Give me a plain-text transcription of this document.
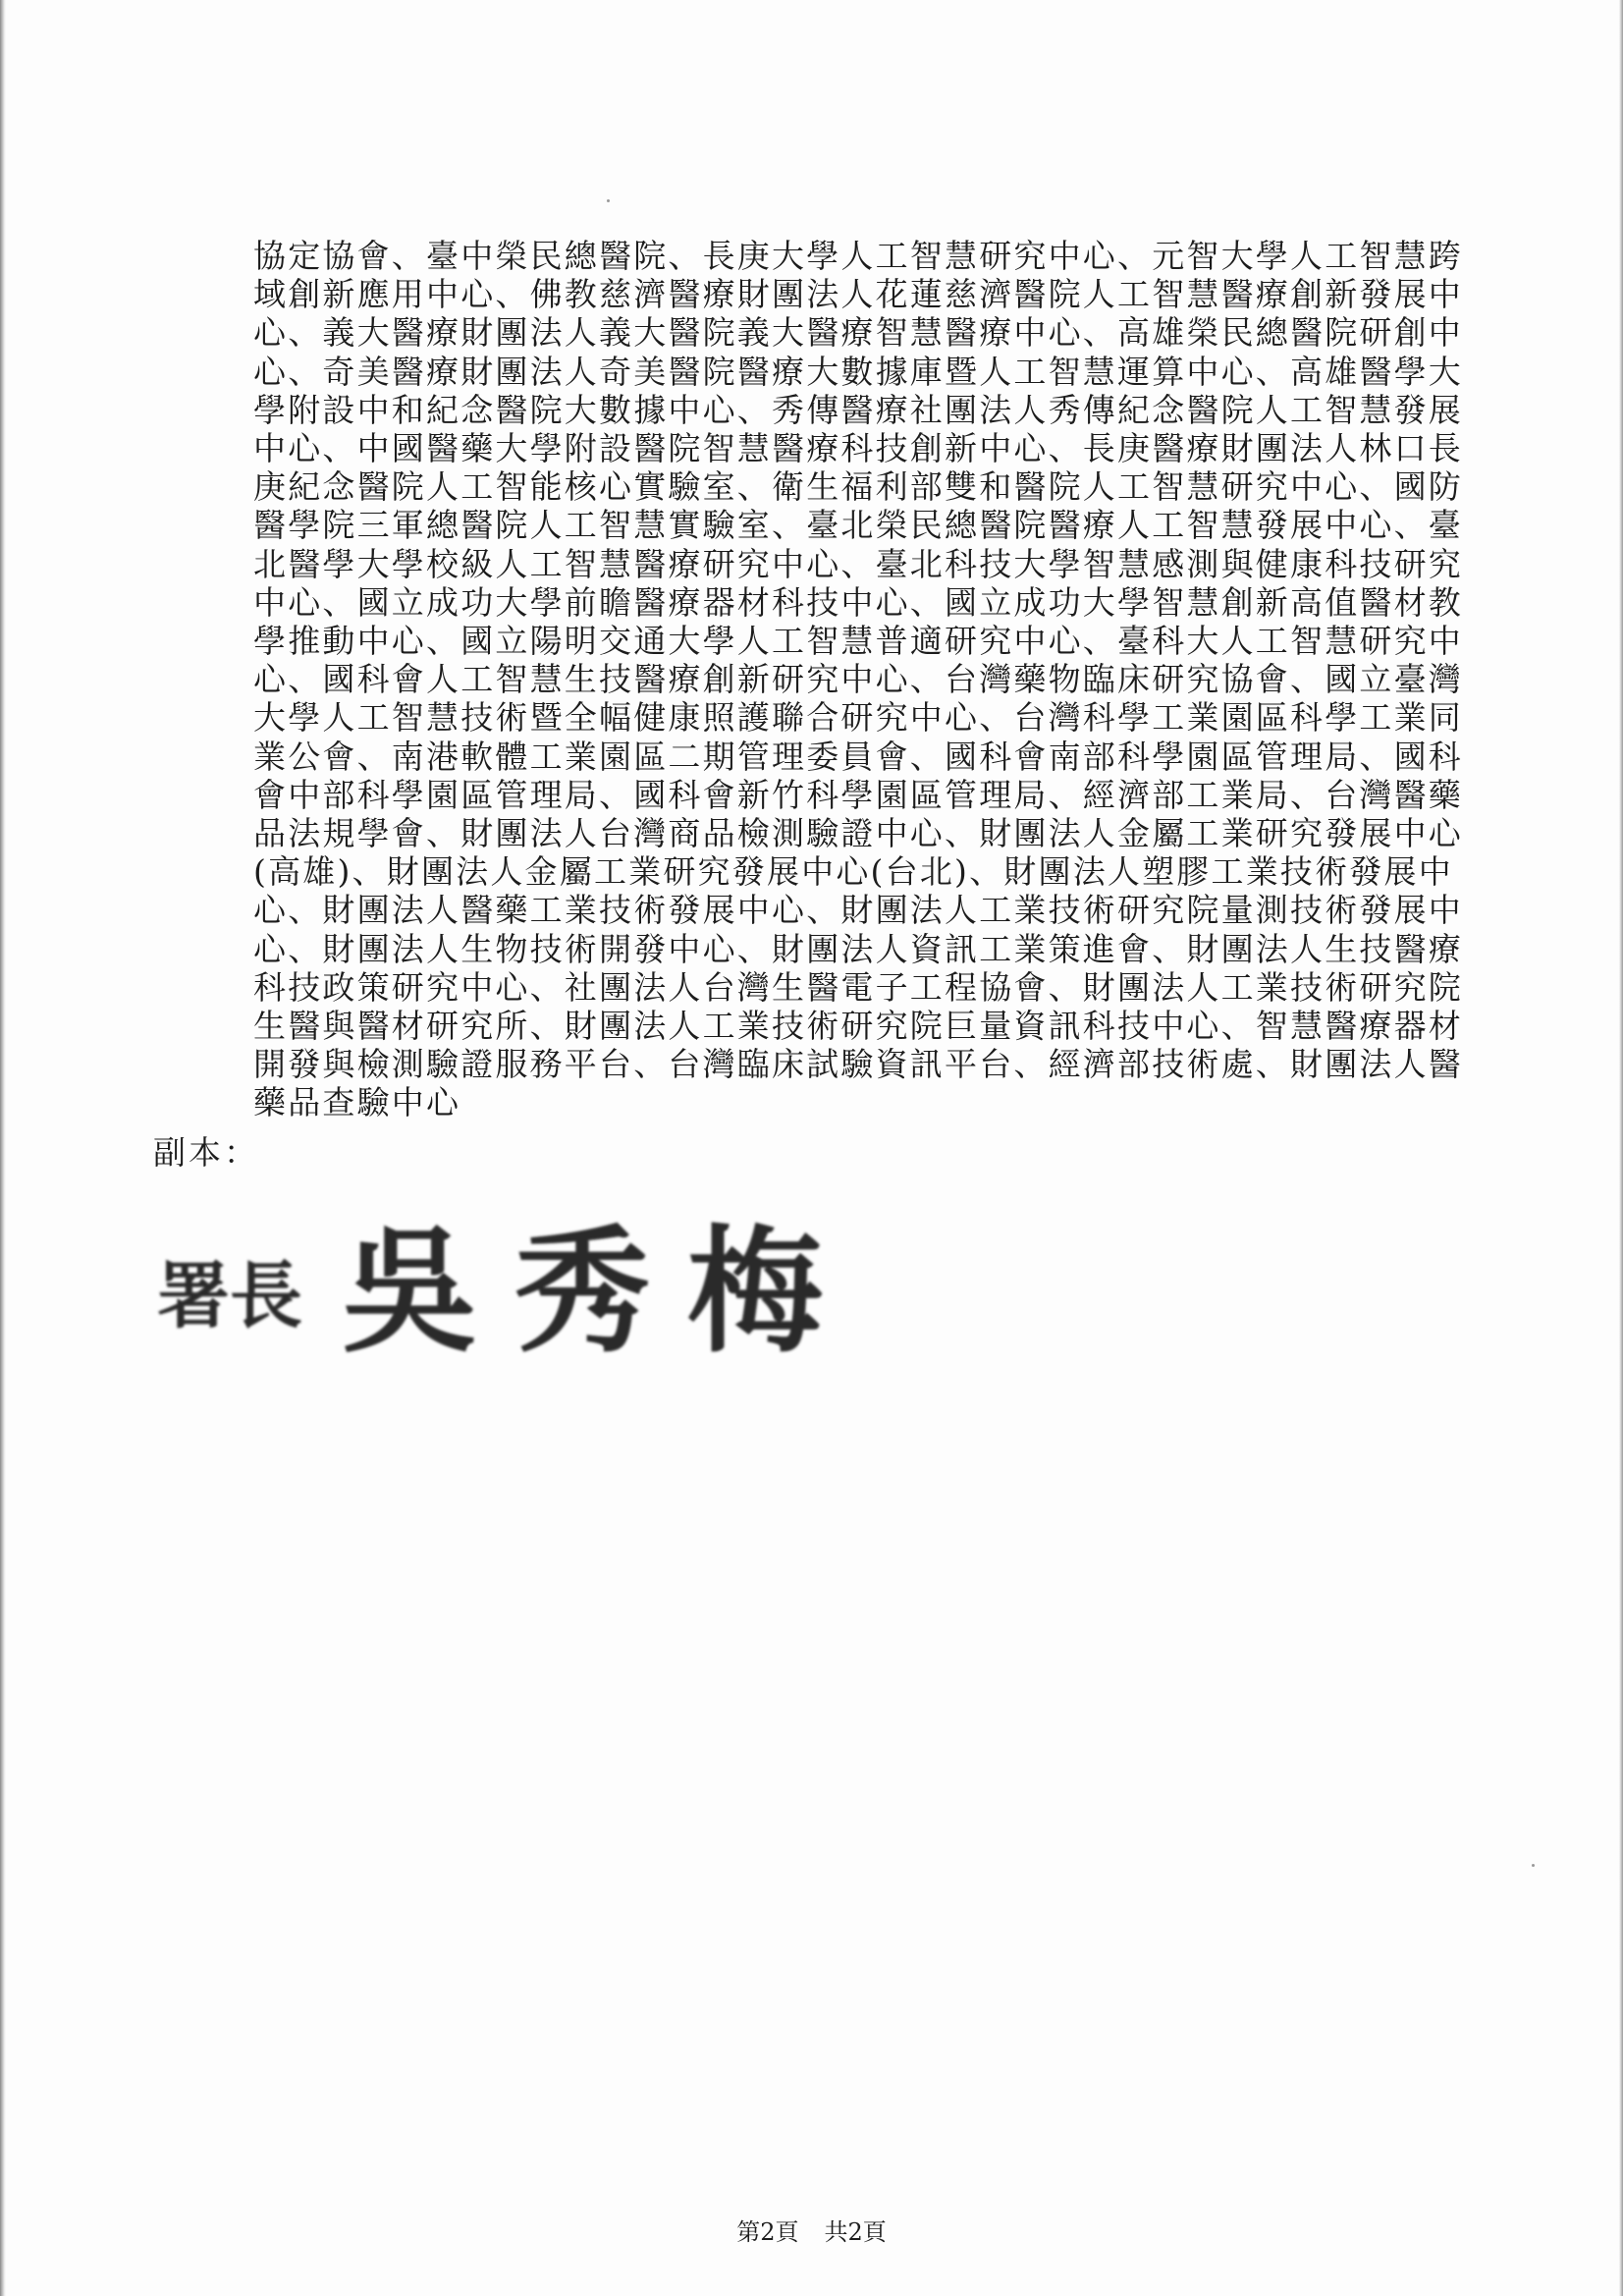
協定協會、臺中榮民總醫院、長庚大學人工智慧研究中心、元智大學人工智慧跨
域創新應用中心、佛教慈濟醫療財團法人花蓮慈濟醫院人工智慧醫療創新發展中
心、義大醫療財團法人義大醫院義大醫療智慧醫療中心、高雄榮民總醫院研創中
心、奇美醫療財團法人奇美醫院醫療大數據庫暨人工智慧運算中心、高雄醫學大
學附設中和紀念醫院大數據中心、秀傳醫療社團法人秀傳紀念醫院人工智慧發展
中心、中國醫藥大學附設醫院智慧醫療科技創新中心、長庚醫療財團法人林口長
庚紀念醫院人工智能核心實驗室、衛生福利部雙和醫院人工智慧研究中心、國防
醫學院三軍總醫院人工智慧實驗室、臺北榮民總醫院醫療人工智慧發展中心、臺
北醫學大學校級人工智慧醫療研究中心、臺北科技大學智慧感測與健康科技研究
中心、國立成功大學前瞻醫療器材科技中心、國立成功大學智慧創新高值醫材教
學推動中心、國立陽明交通大學人工智慧普適研究中心、臺科大人工智慧研究中
心、國科會人工智慧生技醫療創新研究中心、台灣藥物臨床研究協會、國立臺灣
大學人工智慧技術暨全幅健康照護聯合研究中心、台灣科學工業園區科學工業同
業公會、南港軟體工業園區二期管理委員會、國科會南部科學園區管理局、國科
會中部科學園區管理局、國科會新竹科學園區管理局、經濟部工業局、台灣醫藥
品法規學會、財團法人台灣商品檢測驗證中心、財團法人金屬工業研究發展中心
(高雄)、財團法人金屬工業研究發展中心(台北)、財團法人塑膠工業技術發展中
心、財團法人醫藥工業技術發展中心、財團法人工業技術研究院量測技術發展中
心、財團法人生物技術開發中心、財團法人資訊工業策進會、財團法人生技醫療
科技政策研究中心、社團法人台灣生醫電子工程協會、財團法人工業技術研究院
生醫與醫材研究所、財團法人工業技術研究院巨量資訊科技中心、智慧醫療器材
開發與檢測驗證服務平台、台灣臨床試驗資訊平台、經濟部技術處、財團法人醫
藥品查驗中心
副本：
署長 吳秀梅
第2頁 共2頁
